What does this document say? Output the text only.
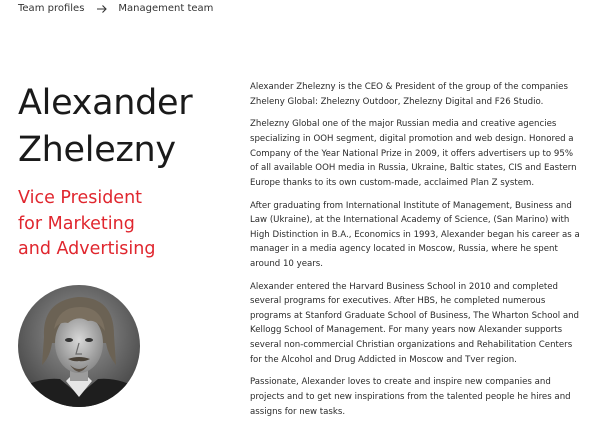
Team profiles	Management team
Alexander
Zhelezny
Vice President
for Marketing
and Advertising

Alexander Zhelezny is the CEO & President of the group of the companies Zheleny Global: Zhelezny Outdoor, Zhelezny Digital and F26 Studio.

Zhelezny Global one of the major Russian media and creative agencies specializing in OOH segment, digital promotion and web design. Honored a Company of the Year National Prize in 2009, it offers advertisers up to 95% of all available OOH media in Russia, Ukraine, Baltic states, CIS and Eastern Europe thanks to its own custom-made, acclaimed Plan Z system.

After graduating from International Institute of Management, Business and Law (Ukraine), at the International Academy of Science, (San Marino) with High Distinction in B.A., Economics in 1993, Alexander began his career as a manager in a media agency located in Moscow, Russia, where he spent around 10 years.

Alexander entered the Harvard Business School in 2010 and completed several programs for executives. After HBS, he completed numerous programs at Stanford Graduate School of Business, The Wharton School and Kellogg School of Management. For many years now Alexander supports several non-commercial Christian organizations and Rehabilitation Centers for the Alcohol and Drug Addicted in Moscow and Tver region.

Passionate, Alexander loves to create and inspire new companies and projects and to get new inspirations from the talented people he hires and assigns for new tasks.
